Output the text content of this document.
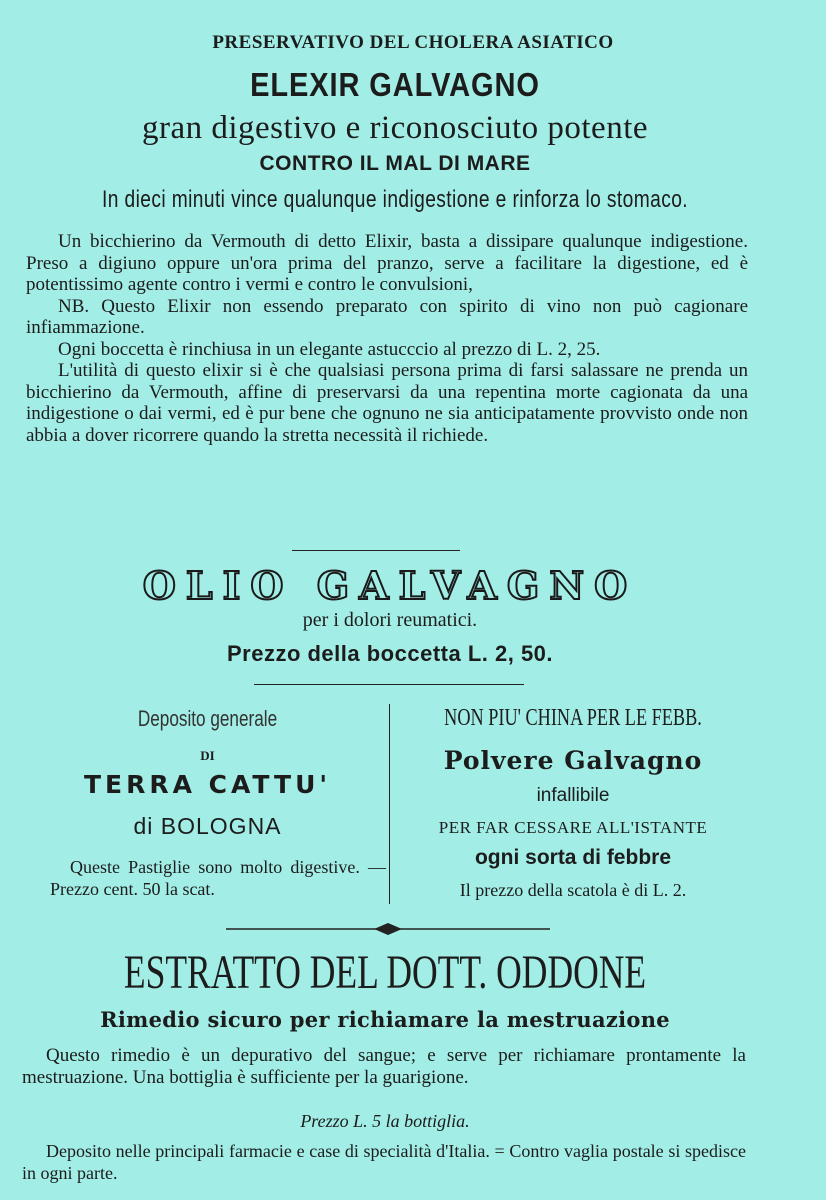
PRESERVATIVO DEL CHOLERA ASIATICO
ELEXIR GALVAGNO
gran digestivo e riconosciuto potente
CONTRO IL MAL DI MARE
In dieci minuti vince qualunque indigestione e rinforza lo stomaco.

Un bicchierino da Vermouth di detto Elixir, basta a dissipare qualunque indigestione. Preso a digiuno oppure un'ora prima del pranzo, serve a facilitare la digestione, ed è potentissimo agente contro i vermi e contro le convulsioni,

NB. Questo Elixir non essendo preparato con spirito di vino non può cagionare infiammazione.

Ogni boccetta è rinchiusa in un elegante astucccio al prezzo di L. 2, 25.

L'utilità di questo elixir si è che qualsiasi persona prima di farsi salassare ne prenda un bicchierino da Vermouth, affine di preservarsi da una repentina morte cagionata da una indigestione o dai vermi, ed è pur bene che ognuno ne sia anticipatamente provvisto onde non abbia a dover ricorrere quando la stretta necessità il richiede.

OLIO GALVAGNO
per i dolori reumatici.
Prezzo della boccetta L. 2, 50.
Deposito generale
DI
TERRA CATTU'
di BOLOGNA
Queste Pastiglie sono molto digestive. — Prezzo cent. 50 la scat.
NON PIU' CHINA PER LE FEBB.
Polvere Galvagno
infallibile
PER FAR CESSARE ALL'ISTANTE
ogni sorta di febbre
Il prezzo della scatola è di L. 2.
ESTRATTO DEL DOTT. ODDONE
Rimedio sicuro per richiamare la mestruazione

Questo rimedio è un depurativo del sangue; e serve per richiamare prontamente la mestruazione. Una bottiglia è sufficiente per la guarigione.

Prezzo L. 5 la bottiglia.

Deposito nelle principali farmacie e case di specialità d'Italia. = Contro vaglia postale si spedisce in ogni parte.
